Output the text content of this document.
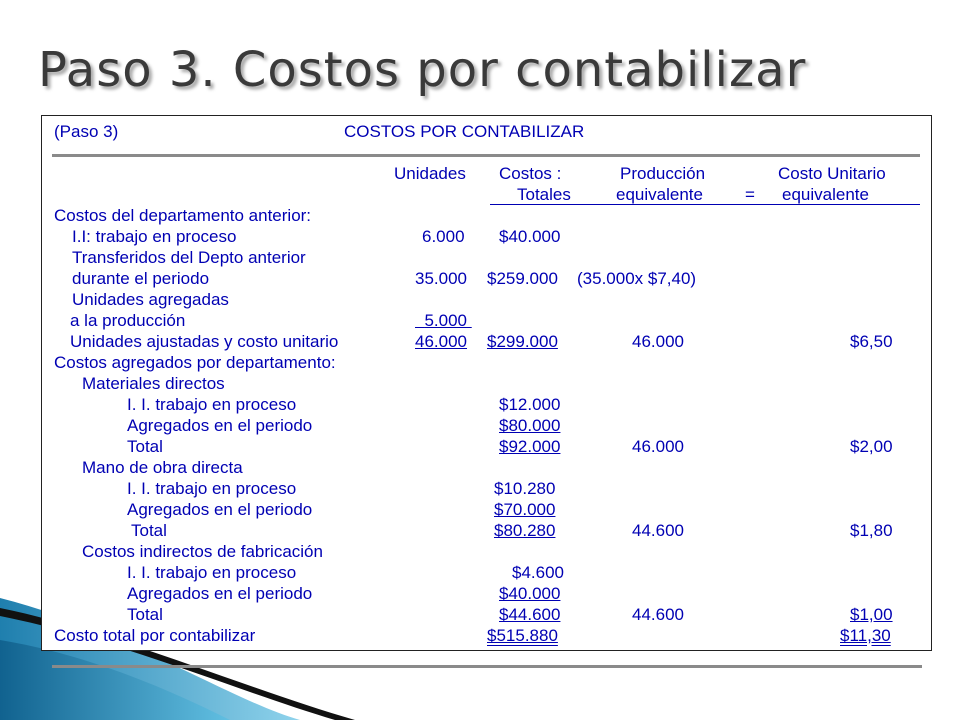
Paso 3. Costos por contabilizar
(Paso 3)	COSTOS POR CONTABILIZAR
Unidades Costos :	Producción	Costo Unitario
Totales	equivalente = equivalente
Costos del departamento anterior:
I.I: trabajo en proceso	6.000 $40.000
Transferidos del Depto anterior
durante el periodo	35.000 $259.000 (35.000x $7,40)
Unidades agregadas
a la producción	5.000
Unidades ajustadas y costo unitario	46.000 $299.000	46.000	$6,50
Costos agregados por departamento:
Materiales directos
I. I. trabajo en proceso	$12.000
Agregados en el periodo	$80.000
Total	$92.000	46.000	$2,00
Mano de obra directa
I. I. trabajo en proceso	$10.280
Agregados en el periodo	$70.000
Total	$80.280	44.600	$1,80
Costos indirectos de fabricación
I. I. trabajo en proceso	$4.600
Agregados en el periodo	$40.000
Total	$44.600	44.600	$1,00
Costo total por contabilizar	$515.880	$11,30
